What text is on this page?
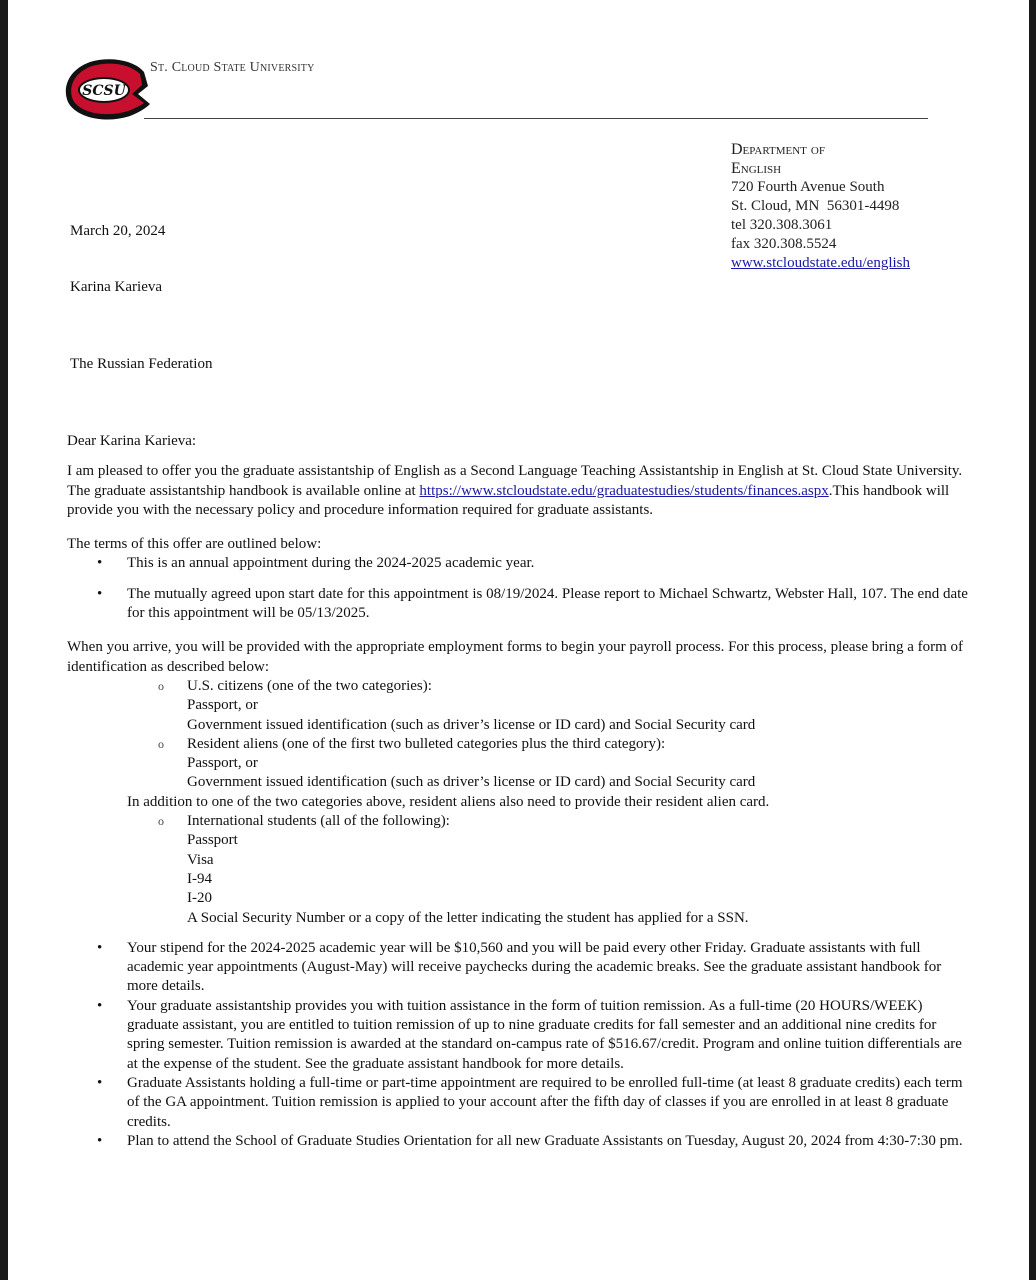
SCSU
St. Cloud State University
Department of
English
720 Fourth Avenue South
St. Cloud, MN  56301-4498
tel 320.308.3061
fax 320.308.5524
www.stcloudstate.edu/english
March 20, 2024
Karina Karieva
The Russian Federation

Dear Karina Karieva:

I am pleased to offer you the graduate assistantship of English as a Second Language Teaching Assistantship in English at St. Cloud State University.

The graduate assistantship handbook is available online at https://www.stcloudstate.edu/graduatestudies/students/finances.aspx.This handbook will provide you with the necessary policy and procedure information required for graduate assistants.

The terms of this offer are outlined below:

• This is an annual appointment during the 2024-2025 academic year.
• The mutually agreed upon start date for this appointment is 08/19/2024. Please report to Michael Schwartz, Webster Hall, 107. The end date for this appointment will be 05/13/2025.

When you arrive, you will be provided with the appropriate employment forms to begin your payroll process. For this process, please bring a form of identification as described below:

o U.S. citizens (one of the two categories):
Passport, or
Government issued identification (such as driver’s license or ID card) and Social Security card
o Resident aliens (one of the first two bulleted categories plus the third category):
Passport, or
Government issued identification (such as driver’s license or ID card) and Social Security card
In addition to one of the two categories above, resident aliens also need to provide their resident alien card.
o International students (all of the following):
Passport
Visa
I-94
I-20
A Social Security Number or a copy of the letter indicating the student has applied for a SSN.
• Your stipend for the 2024-2025 academic year will be $10,560 and you will be paid every other Friday. Graduate assistants with full academic year appointments (August-May) will receive paychecks during the academic breaks. See the graduate assistant handbook for more details.
• Your graduate assistantship provides you with tuition assistance in the form of tuition remission. As a full-time (20 HOURS/WEEK) graduate assistant, you are entitled to tuition remission of up to nine graduate credits for fall semester and an additional nine credits for spring semester. Tuition remission is awarded at the standard on-campus rate of $516.67/credit. Program and online tuition differentials are at the expense of the student. See the graduate assistant handbook for more details.
• Graduate Assistants holding a full-time or part-time appointment are required to be enrolled full-time (at least 8 graduate credits) each term of the GA appointment. Tuition remission is applied to your account after the fifth day of classes if you are enrolled in at least 8 graduate credits.
• Plan to attend the School of Graduate Studies Orientation for all new Graduate Assistants on Tuesday, August 20, 2024 from 4:30-7:30 pm.
